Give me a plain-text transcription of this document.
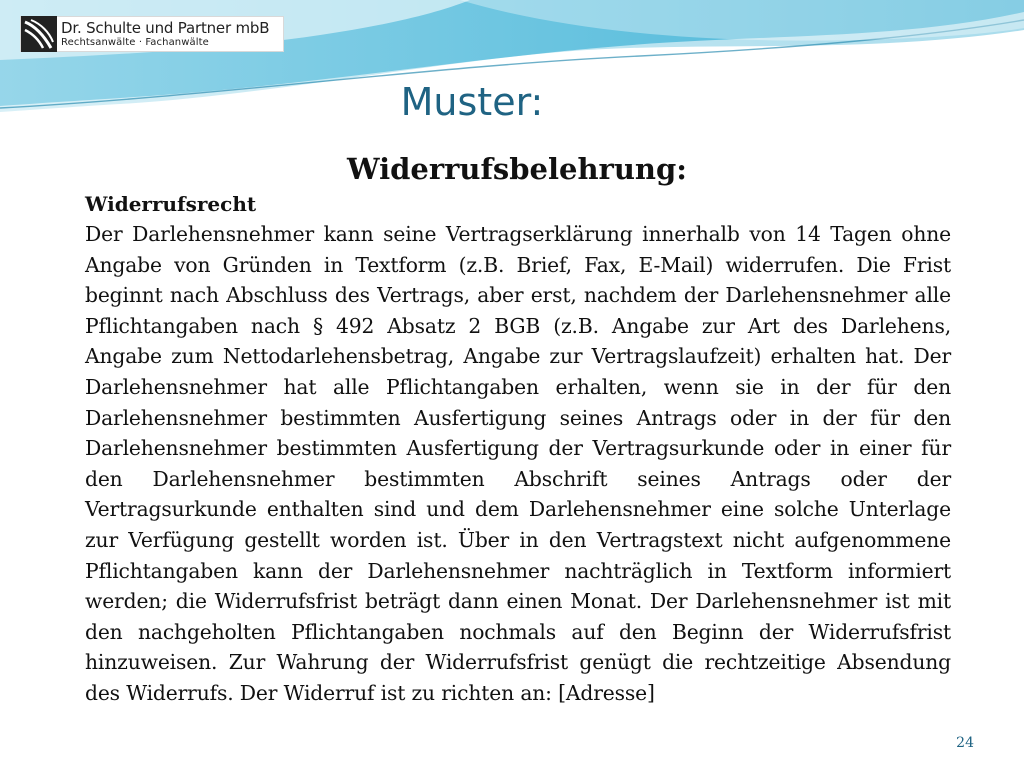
Dr. Schulte und Partner mbB
Rechtsanwälte · Fachanwälte
Muster:
Widerrufsbelehrung:
Widerrufsrecht

Der Darlehensnehmer kann seine Vertragserklärung innerhalb von 14 Tagen ohne Angabe von Gründen in Textform (z.B. Brief, Fax, E-Mail) widerrufen. Die Frist beginnt nach Abschluss des Vertrags, aber erst, nachdem der Darlehensnehmer alle Pflichtangaben nach § 492 Absatz 2 BGB (z.B. Angabe zur Art des Darlehens, Angabe zum Nettodarlehensbetrag, Angabe zur Vertragslaufzeit) erhalten hat. Der Darlehensnehmer hat alle Pflichtangaben erhalten, wenn sie in der für den Darlehensnehmer bestimmten Ausfertigung seines Antrags oder in der für den Darlehensnehmer bestimmten Ausfertigung der Vertragsurkunde oder in einer für den Darlehensnehmer bestimmten Abschrift seines Antrags oder der Vertragsurkunde enthalten sind und dem Darlehensnehmer eine solche Unterlage zur Verfügung gestellt worden ist. Über in den Vertragstext nicht aufgenommene Pflichtangaben kann der Darlehensnehmer nachträglich in Textform informiert werden; die Widerrufsfrist beträgt dann einen Monat. Der Darlehensnehmer ist mit den nachgeholten Pflichtangaben nochmals auf den Beginn der Widerrufsfrist hinzuweisen. Zur Wahrung der Widerrufsfrist genügt die rechtzeitige Absendung des Widerrufs. Der Widerruf ist zu richten an: [Adresse]

24
